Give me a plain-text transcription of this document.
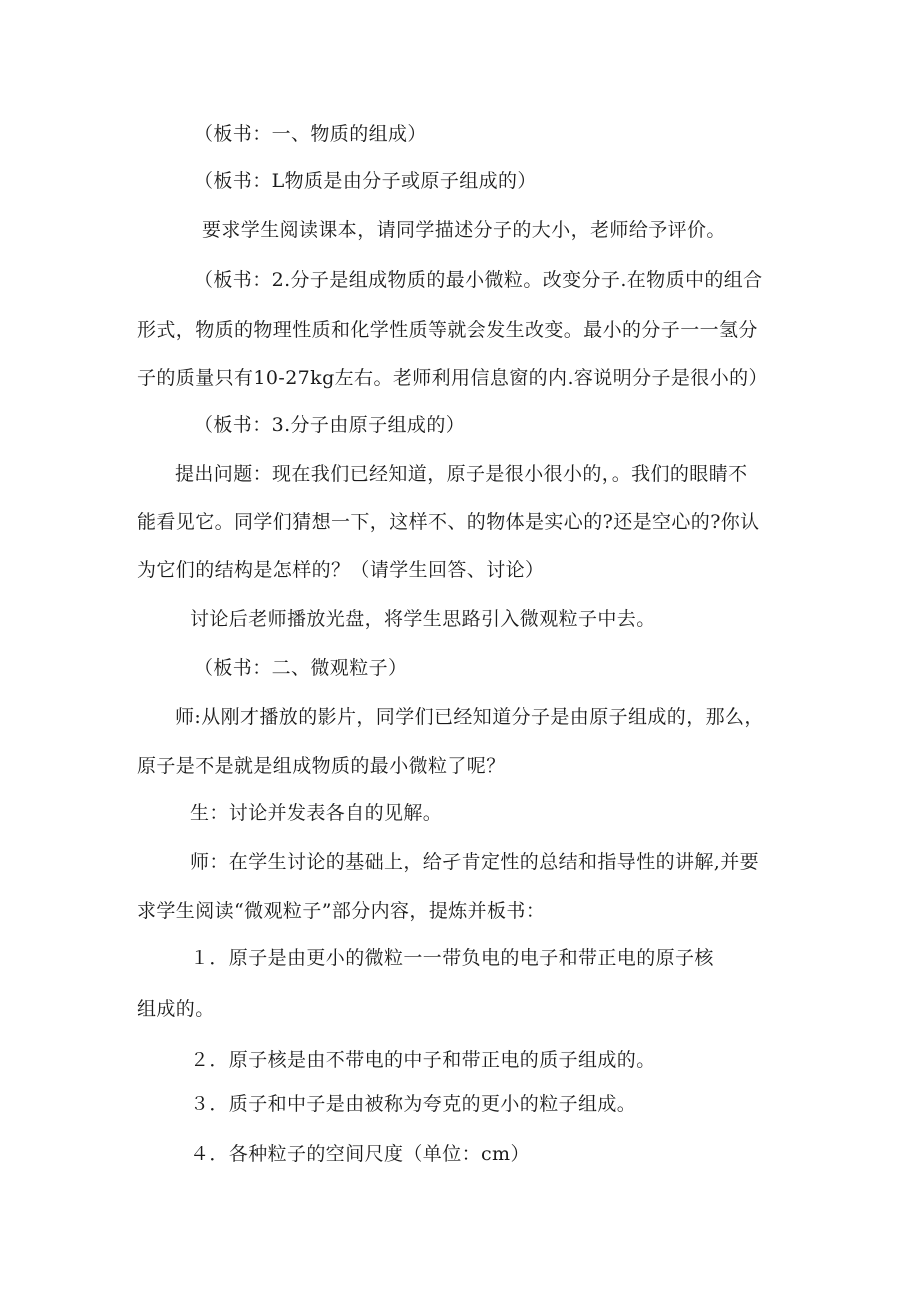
（板书：一、物质的组成）
（板书：L物质是由分子或原子组成的）
要求学生阅读课本，请同学描述分子的大小，老师给予评价。
（板书：2.分子是组成物质的最小微粒。改变分子.在物质中的组合
形式，物质的物理性质和化学性质等就会发生改变。最小的分子一一氢分
子的质量只有10-27kg左右。老师利用信息窗的内.容说明分子是很小的）
（板书：3.分子由原子组成的）
提出问题：现在我们已经知道，原子是很小很小的，。我们的眼睛不
能看见它。同学们猜想一下，这样不、的物体是实心的?还是空心的?你认
为它们的结构是怎样的？（请学生回答、讨论）
讨论后老师播放光盘，将学生思路引入微观粒子中去。
（板书：二、微观粒子）
师:从刚才播放的影片，同学们已经知道分子是由原子组成的，那么，
原子是不是就是组成物质的最小微粒了呢？
生：讨论并发表各自的见解。
师：在学生讨论的基础上，给孑肯定性的总结和指导性的讲解,并要
求学生阅读“微观粒子”部分内容，提炼并板书：
１．原子是由更小的微粒一一带负电的电子和带正电的原子核
组成的。
２．原子核是由不带电的中子和带正电的质子组成的。
３．质子和中子是由被称为夸克的更小的粒子组成。
４．各种粒子的空间尺度（单位：cm）
